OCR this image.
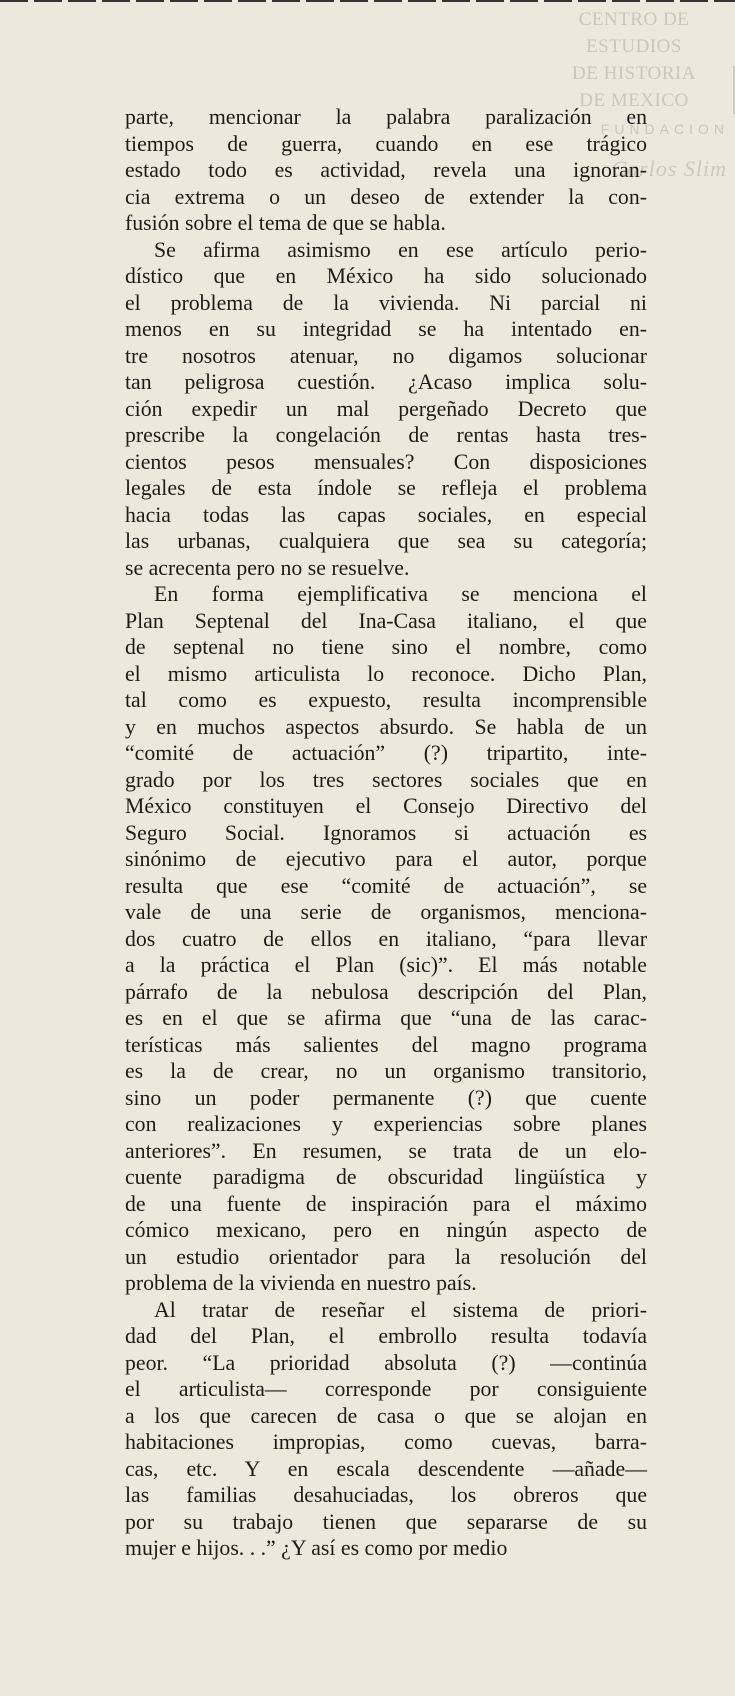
CENTRO DE
ESTUDIOS
DE HISTORIA
DE MEXICO
FUNDACION
Carlos Slim

parte, mencionar la palabra paralización en
tiempos de guerra, cuando en ese trágico
estado todo es actividad, revela una ignoran-
cia extrema o un deseo de extender la con-
fusión sobre el tema de que se habla.

Se afirma asimismo en ese artículo perio-
dístico que en México ha sido solucionado
el problema de la vivienda. Ni parcial ni
menos en su integridad se ha intentado en-
tre nosotros atenuar, no digamos solucionar
tan peligrosa cuestión. ¿Acaso implica solu-
ción expedir un mal pergeñado Decreto que
prescribe la congelación de rentas hasta tres-
cientos pesos mensuales? Con disposiciones
legales de esta índole se refleja el problema
hacia todas las capas sociales, en especial
las urbanas, cualquiera que sea su categoría;
se acrecenta pero no se resuelve.

En forma ejemplificativa se menciona el
Plan Septenal del Ina-Casa italiano, el que
de septenal no tiene sino el nombre, como
el mismo articulista lo reconoce. Dicho Plan,
tal como es expuesto, resulta incomprensible
y en muchos aspectos absurdo. Se habla de un
“comité de actuación” (?) tripartito, inte-
grado por los tres sectores sociales que en
México constituyen el Consejo Directivo del
Seguro Social. Ignoramos si actuación es
sinónimo de ejecutivo para el autor, porque
resulta que ese “comité de actuación”, se
vale de una serie de organismos, menciona-
dos cuatro de ellos en italiano, “para llevar
a la práctica el Plan (sic)”. El más notable
párrafo de la nebulosa descripción del Plan,
es en el que se afirma que “una de las carac-
terísticas más salientes del magno programa
es la de crear, no un organismo transitorio,
sino un poder permanente (?) que cuente
con realizaciones y experiencias sobre planes
anteriores”. En resumen, se trata de un elo-
cuente paradigma de obscuridad lingüística y
de una fuente de inspiración para el máximo
cómico mexicano, pero en ningún aspecto de
un estudio orientador para la resolución del
problema de la vivienda en nuestro país.

Al tratar de reseñar el sistema de priori-
dad del Plan, el embrollo resulta todavía
peor. “La prioridad absoluta (?) —continúa
el articulista— corresponde por consiguiente
a los que carecen de casa o que se alojan en
habitaciones impropias, como cuevas, barra-
cas, etc. Y en escala descendente —añade—
las familias desahuciadas, los obreros que
por su trabajo tienen que separarse de su
mujer e hijos. . .” ¿Y así es como por medio
